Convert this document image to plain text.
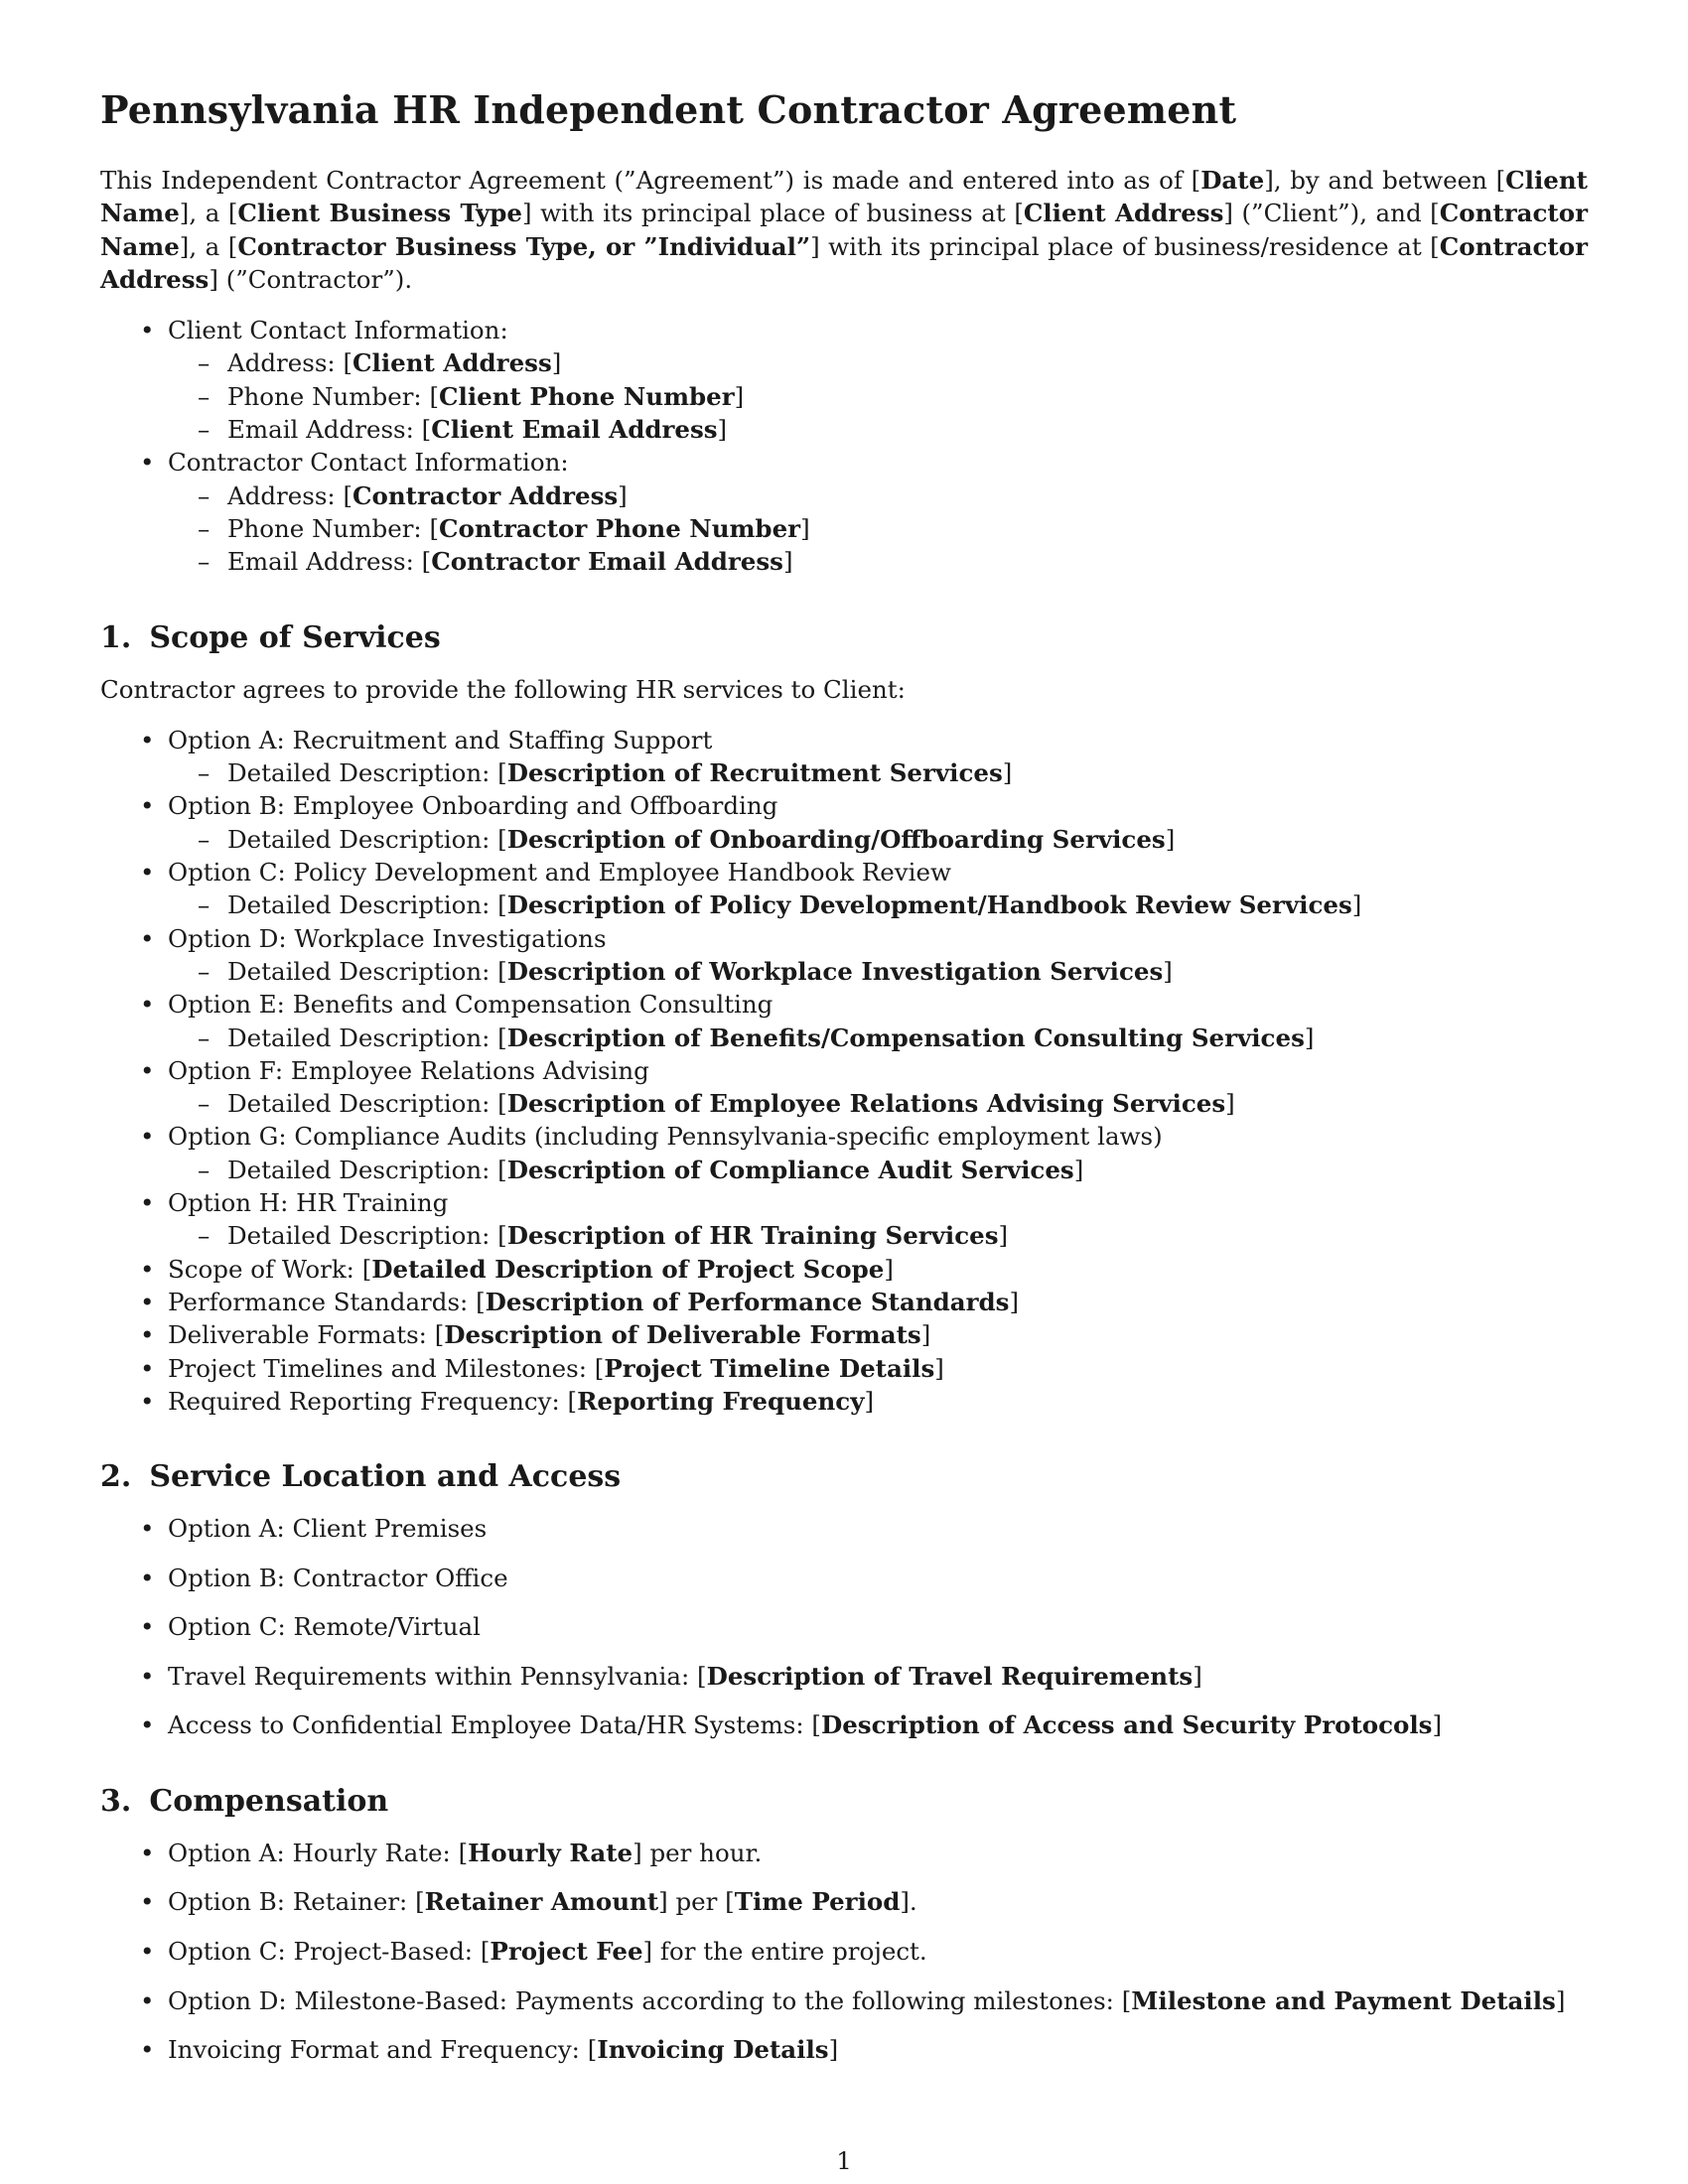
Pennsylvania HR Independent Contractor Agreement

This Independent Contractor Agreement (”Agreement”) is made and entered into as of [Date], by and between [Client Name], a [Client Business Type] with its principal place of business at [Client Address] (”Client”), and [Contractor Name], a [Contractor Business Type, or ”Individual”] with its principal place of business/residence at [Contractor Address] (”Contractor”).

• Client Contact Information:
– Address: [Client Address]
– Phone Number: [Client Phone Number]
– Email Address: [Client Email Address]
• Contractor Contact Information:
– Address: [Contractor Address]
– Phone Number: [Contractor Phone Number]
– Email Address: [Contractor Email Address]
1. Scope of Services

Contractor agrees to provide the following HR services to Client:

• Option A: Recruitment and Staffing Support
– Detailed Description: [Description of Recruitment Services]
• Option B: Employee Onboarding and Offboarding
– Detailed Description: [Description of Onboarding/Offboarding Services]
• Option C: Policy Development and Employee Handbook Review
– Detailed Description: [Description of Policy Development/Handbook Review Services]
• Option D: Workplace Investigations
– Detailed Description: [Description of Workplace Investigation Services]
• Option E: Benefits and Compensation Consulting
– Detailed Description: [Description of Benefits/Compensation Consulting Services]
• Option F: Employee Relations Advising
– Detailed Description: [Description of Employee Relations Advising Services]
• Option G: Compliance Audits (including Pennsylvania-specific employment laws)
– Detailed Description: [Description of Compliance Audit Services]
• Option H: HR Training
– Detailed Description: [Description of HR Training Services]
• Scope of Work: [Detailed Description of Project Scope]
• Performance Standards: [Description of Performance Standards]
• Deliverable Formats: [Description of Deliverable Formats]
• Project Timelines and Milestones: [Project Timeline Details]
• Required Reporting Frequency: [Reporting Frequency]
2. Service Location and Access
• Option A: Client Premises
• Option B: Contractor Office
• Option C: Remote/Virtual
• Travel Requirements within Pennsylvania: [Description of Travel Requirements]
• Access to Confidential Employee Data/HR Systems: [Description of Access and Security Protocols]
3. Compensation
• Option A: Hourly Rate: [Hourly Rate] per hour.
• Option B: Retainer: [Retainer Amount] per [Time Period].
• Option C: Project-Based: [Project Fee] for the entire project.
• Option D: Milestone-Based: Payments according to the following milestones: [Milestone and Payment Details]
• Invoicing Format and Frequency: [Invoicing Details]
1
